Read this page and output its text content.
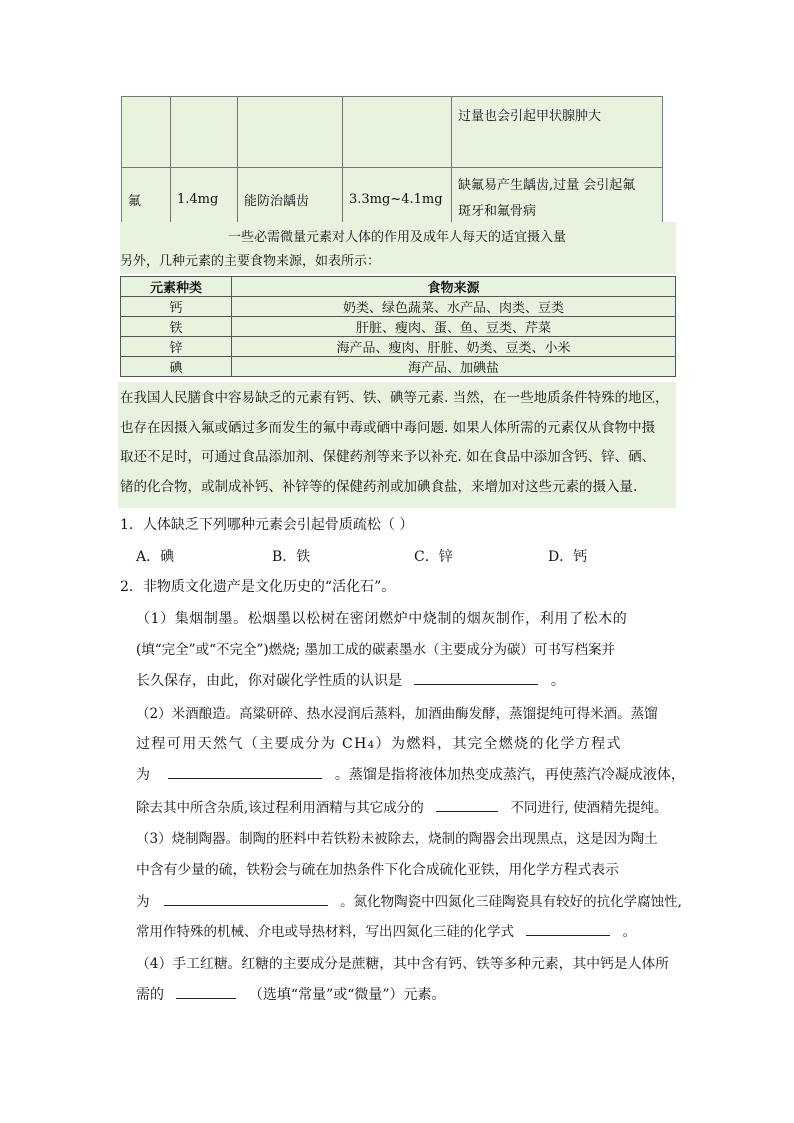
				过量也会引起甲状腺肿大
氟	1.4mg	能防治龋齿	3.3mg~4.1mg	缺氟易产生龋齿,过量 会引起氟
斑牙和氟骨病
一些必需微量元素对人体的作用及成年人每天的适宜摄入量
另外，几种元素的主要食物来源，如表所示：
元素种类	食物来源
钙	奶类、绿色蔬菜、水产品、肉类、豆类
铁	肝脏、瘦肉、蛋、鱼、豆类、芹菜
锌	海产品、瘦肉、肝脏、奶类、豆类、小米
碘	海产品、加碘盐
在我国人民膳食中容易缺乏的元素有钙、铁、碘等元素. 当然，在一些地质条件特殊的地区，
也存在因摄入氟或硒过多而发生的氟中毒或硒中毒问题. 如果人体所需的元素仅从食物中摄
取还不足时，可通过食品添加剂、保健药剂等来予以补充. 如在食品中添加含钙、锌、硒、
锗的化合物，或制成补钙、补锌等的保健药剂或加碘食盐，来增加对这些元素的摄入量.
1．人体缺乏下列哪种元素会引起骨质疏松（ ）
A．碘	B．铁	C．锌	D．钙
2．非物质文化遗产是文化历史的“活化石”。
（1）集烟制墨。松烟墨以松树在密闭燃炉中烧制的烟灰制作，利用了松木的
(填“完全”或“不完全”)燃烧; 墨加工成的碳素墨水（主要成分为碳）可书写档案并
长久保存，由此，你对碳化学性质的认识是	。
（2）米酒酿造。高粱研碎、热水浸润后蒸料，加酒曲酶发酵，蒸馏提纯可得米酒。蒸馏
过程可用天然气（主要成分为 CH4）为燃料，其完全燃烧的化学方程式
为	。蒸馏是指将液体加热变成蒸汽，再使蒸汽冷凝成液体，
除去其中所含杂质,该过程利用酒精与其它成分的	不同进行, 使酒精先提纯。
（3）烧制陶器。制陶的胚料中若铁粉未被除去，烧制的陶器会出现黑点，这是因为陶土
中含有少量的硫，铁粉会与硫在加热条件下化合成硫化亚铁，用化学方程式表示
为	。氮化物陶瓷中四氮化三硅陶瓷具有较好的抗化学腐蚀性,
常用作特殊的机械、介电或导热材料，写出四氮化三硅的化学式	。
（4）手工红糖。红糖的主要成分是蔗糖，其中含有钙、铁等多种元素，其中钙是人体所
需的	（选填“常量”或“微量”）元素。
